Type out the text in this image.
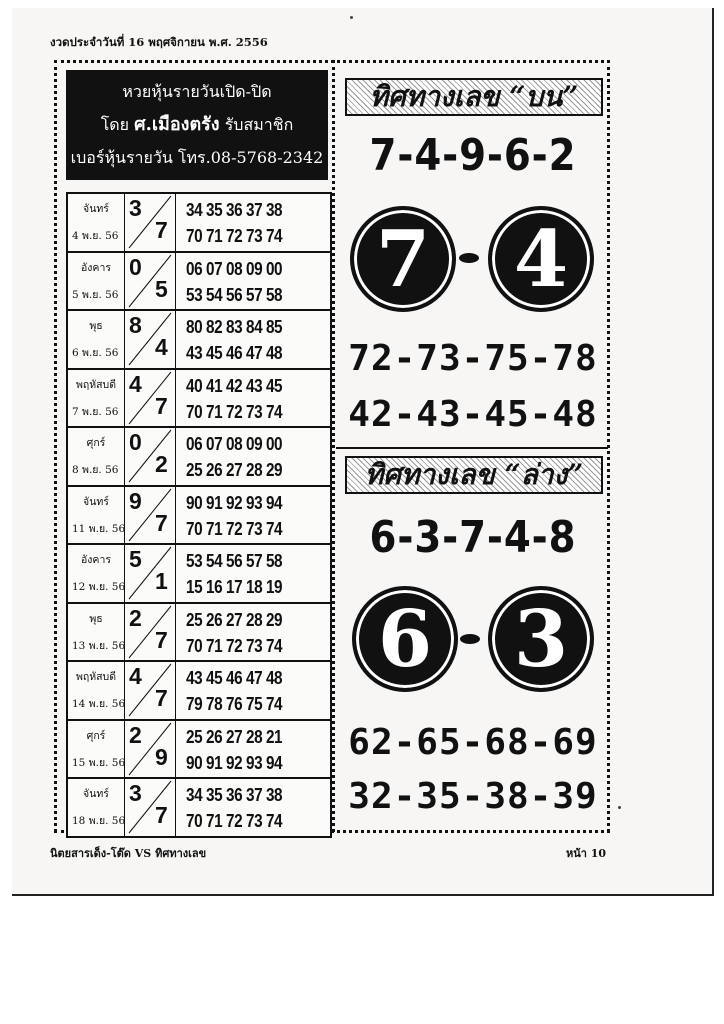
งวดประจำวันที่ 16 พฤศจิกายน พ.ศ. 2556
หวยหุ้นรายวันเปิด-ปิด
โดย ศ.เมืองตรัง รับสมาชิก
เบอร์หุ้นรายวัน โทร.08-5768-2342
จันทร์
4 พ.ย. 56
3
7
34 35 36 37 38
70 71 72 73 74
อังคาร
5 พ.ย. 56
0
5
06 07 08 09 00
53 54 56 57 58
พุธ
6 พ.ย. 56
8
4
80 82 83 84 85
43 45 46 47 48
พฤหัสบดี
7 พ.ย. 56
4
7
40 41 42 43 45
70 71 72 73 74
ศุกร์
8 พ.ย. 56
0
2
06 07 08 09 00
25 26 27 28 29
จันทร์
11 พ.ย. 56
9
7
90 91 92 93 94
70 71 72 73 74
อังคาร
12 พ.ย. 56
5
1
53 54 56 57 58
15 16 17 18 19
พุธ
13 พ.ย. 56
2
7
25 26 27 28 29
70 71 72 73 74
พฤหัสบดี
14 พ.ย. 56
4
7
43 45 46 47 48
79 78 76 75 74
ศุกร์
15 พ.ย. 56
2
9
25 26 27 28 21
90 91 92 93 94
จันทร์
18 พ.ย. 56
3
7
34 35 36 37 38
70 71 72 73 74
ทิศทางเลข “บน”
7-4-9-6-2
7	4
72-73-75-78
42-43-45-48
ทิศทางเลข “ล่าง”
6-3-7-4-8
6	3
62-65-68-69
32-35-38-39
นิตยสารเด็ง-โต๊ด VS ทิศทางเลข	หน้า 10
